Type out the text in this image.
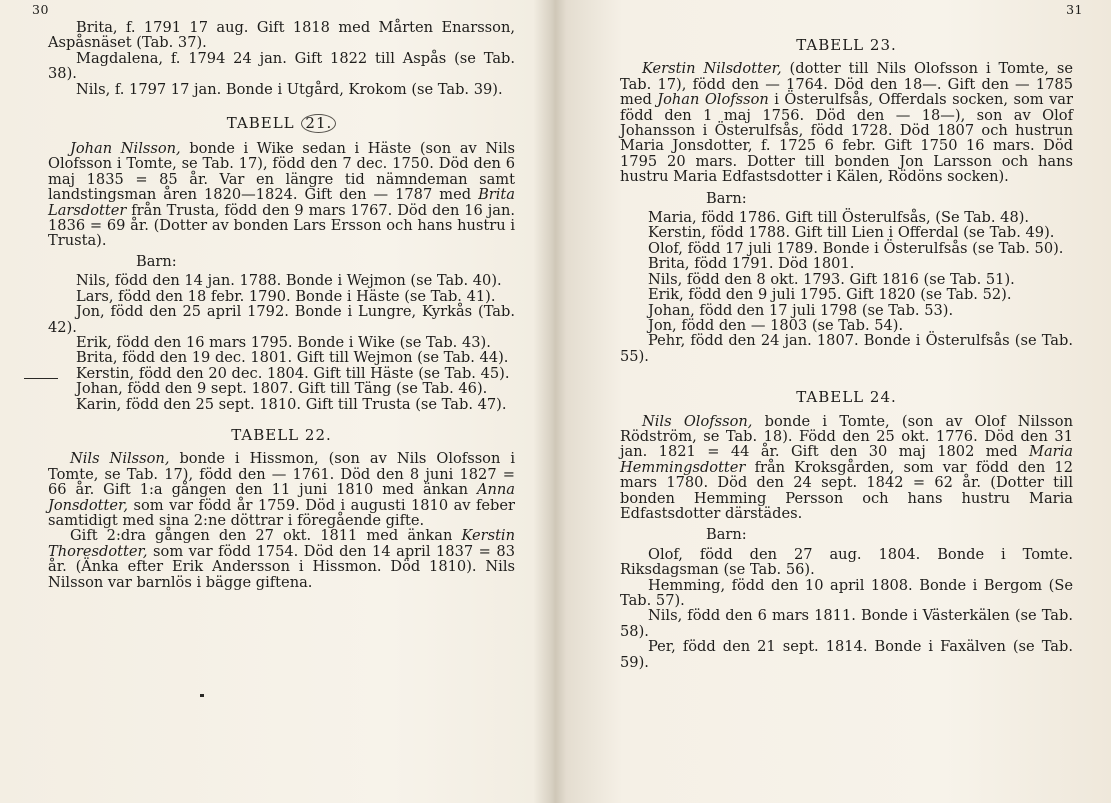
30

Brita, f. 1791 17 aug. Gift 1818 med Mårten Enarsson, Aspåsnäset (Tab. 37).

Magdalena, f. 1794 24 jan. Gift 1822 till Aspås (se Tab. 38).

Nils, f. 1797 17 jan. Bonde i Utgård, Krokom (se Tab. 39).

TABELL 21.

Johan Nilsson, bonde i Wike sedan i Häste (son av Nils Olofsson i Tomte, se Tab. 17), född den 7 dec. 1750. Död den 6 maj 1835 = 85 år. Var en längre tid nämndeman samt landstingsman åren 1820—1824. Gift den — 1787 med Brita Larsdotter från Trusta, född den 9 mars 1767. Död den 16 jan. 1836 = 69 år. (Dotter av bonden Lars Ersson och hans hustru i Trusta).

Barn:

Nils, född den 14 jan. 1788. Bonde i Wejmon (se Tab. 40).

Lars, född den 18 febr. 1790. Bonde i Häste (se Tab. 41).

Jon, född den 25 april 1792. Bonde i Lungre, Kyrkås (Tab. 42).

Erik, född den 16 mars 1795. Bonde i Wike (se Tab. 43).

Brita, född den 19 dec. 1801. Gift till Wejmon (se Tab. 44).

Kerstin, född den 20 dec. 1804. Gift till Häste (se Tab. 45).

Johan, född den 9 sept. 1807. Gift till Täng (se Tab. 46).

Karin, född den 25 sept. 1810. Gift till Trusta (se Tab. 47).

TABELL 22.

Nils Nilsson, bonde i Hissmon, (son av Nils Olofsson i Tomte, se Tab. 17), född den — 1761. Död den 8 juni 1827 = 66 år. Gift 1:a gången den 11 juni 1810 med änkan Anna Jonsdotter, som var född år 1759. Död i augusti 1810 av feber samtidigt med sina 2:ne döttrar i föregående gifte.

Gift 2:dra gången den 27 okt. 1811 med änkan Kerstin Thoresdotter, som var född 1754. Död den 14 april 1837 = 83 år. (Änka efter Erik Andersson i Hissmon. Död 1810). Nils Nilsson var barnlös i bägge giftena.

31
TABELL 23.

Kerstin Nilsdotter, (dotter till Nils Olofsson i Tomte, se Tab. 17), född den — 1764. Död den 18—. Gift den — 1785 med Johan Olofsson i Österulfsås, Offerdals socken, som var född den 1 maj 1756. Död den — 18—), son av Olof Johansson i Österulfsås, född 1728. Död 1807 och hustrun Maria Jonsdotter, f. 1725 6 febr. Gift 1750 16 mars. Död 1795 20 mars. Dotter till bonden Jon Larsson och hans hustru Maria Edfastsdotter i Kälen, Rödöns socken).

Barn:

Maria, född 1786. Gift till Österulfsås, (Se Tab. 48).

Kerstin, född 1788. Gift till Lien i Offerdal (se Tab. 49).

Olof, född 17 juli 1789. Bonde i Österulfsås (se Tab. 50).

Brita, född 1791. Död 1801.

Nils, född den 8 okt. 1793. Gift 1816 (se Tab. 51).

Erik, född den 9 juli 1795. Gift 1820 (se Tab. 52).

Johan, född den 17 juli 1798 (se Tab. 53).

Jon, född den — 1803 (se Tab. 54).

Pehr, född den 24 jan. 1807. Bonde i Österulfsås (se Tab. 55).

TABELL 24.

Nils Olofsson, bonde i Tomte, (son av Olof Nilsson Rödström, se Tab. 18). Född den 25 okt. 1776. Död den 31 jan. 1821 = 44 år. Gift den 30 maj 1802 med Maria Hemmingsdotter från Kroksgården, som var född den 12 mars 1780. Död den 24 sept. 1842 = 62 år. (Dotter till bonden Hemming Persson och hans hustru Maria Edfastsdotter därstädes.

Barn:

Olof, född den 27 aug. 1804. Bonde i Tomte. Riksdagsman (se Tab. 56).

Hemming, född den 10 april 1808. Bonde i Bergom (Se Tab. 57).

Nils, född den 6 mars 1811. Bonde i Västerkälen (se Tab. 58).

Per, född den 21 sept. 1814. Bonde i Faxälven (se Tab. 59).
